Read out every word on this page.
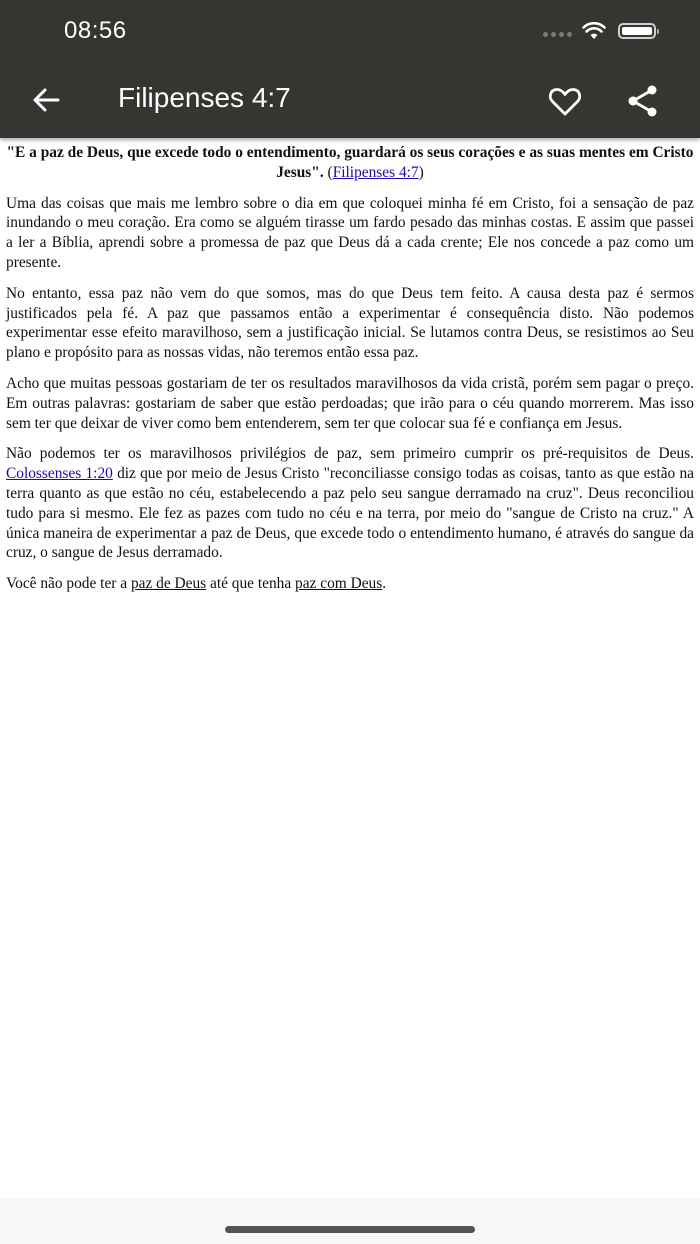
08:56
Filipenses 4:7
"E a paz de Deus, que excede todo o entendimento, guardará os seus corações e as suas mentes em Cristo Jesus". (Filipenses 4:7)

Uma das coisas que mais me lembro sobre o dia em que coloquei minha fé em Cristo, foi a sensação de paz inundando o meu coração. Era como se alguém tirasse um fardo pesado das minhas costas. E assim que passei a ler a Bíblia, aprendi sobre a promessa de paz que Deus dá a cada crente; Ele nos concede a paz como um presente.

No entanto, essa paz não vem do que somos, mas do que Deus tem feito. A causa desta paz é sermos justificados pela fé. A paz que passamos então a experimentar é consequência disto. Não podemos experimentar esse efeito maravilhoso, sem a justificação inicial. Se lutamos contra Deus, se resistimos ao Seu plano e propósito para as nossas vidas, não teremos então essa paz.

Acho que muitas pessoas gostariam de ter os resultados maravilhosos da vida cristã, porém sem pagar o preço. Em outras palavras: gostariam de saber que estão perdoadas; que irão para o céu quando morrerem. Mas isso sem ter que deixar de viver como bem entenderem, sem ter que colocar sua fé e confiança em Jesus.

Não podemos ter os maravilhosos privilégios de paz, sem primeiro cumprir os pré-requisitos de Deus. Colossenses 1:20 diz que por meio de Jesus Cristo "reconciliasse consigo todas as coisas, tanto as que estão na terra quanto as que estão no céu, estabelecendo a paz pelo seu sangue derramado na cruz". Deus reconciliou tudo para si mesmo. Ele fez as pazes com tudo no céu e na terra, por meio do "sangue de Cristo na cruz." A única maneira de experimentar a paz de Deus, que excede todo o entendimento humano, é através do sangue da cruz, o sangue de Jesus derramado.

Você não pode ter a paz de Deus até que tenha paz com Deus.
